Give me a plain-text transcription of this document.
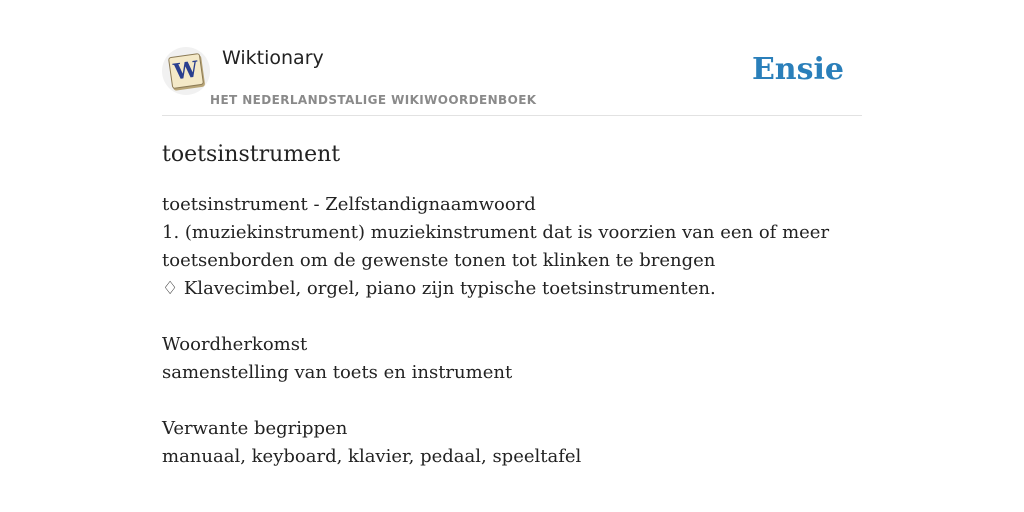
W Wiktionary
HET NEDERLANDSTALIGE WIKIWOORDENBOEK
Ensie
toetsinstrument
toetsinstrument - Zelfstandignaamwoord
1. (muziekinstrument) muziekinstrument dat is voorzien van een of meer
toetsenborden om de gewenste tonen tot klinken te brengen
♢ Klavecimbel, orgel, piano zijn typische toetsinstrumenten.
Woordherkomst
samenstelling van toets en instrument
Verwante begrippen
manuaal, keyboard, klavier, pedaal, speeltafel
